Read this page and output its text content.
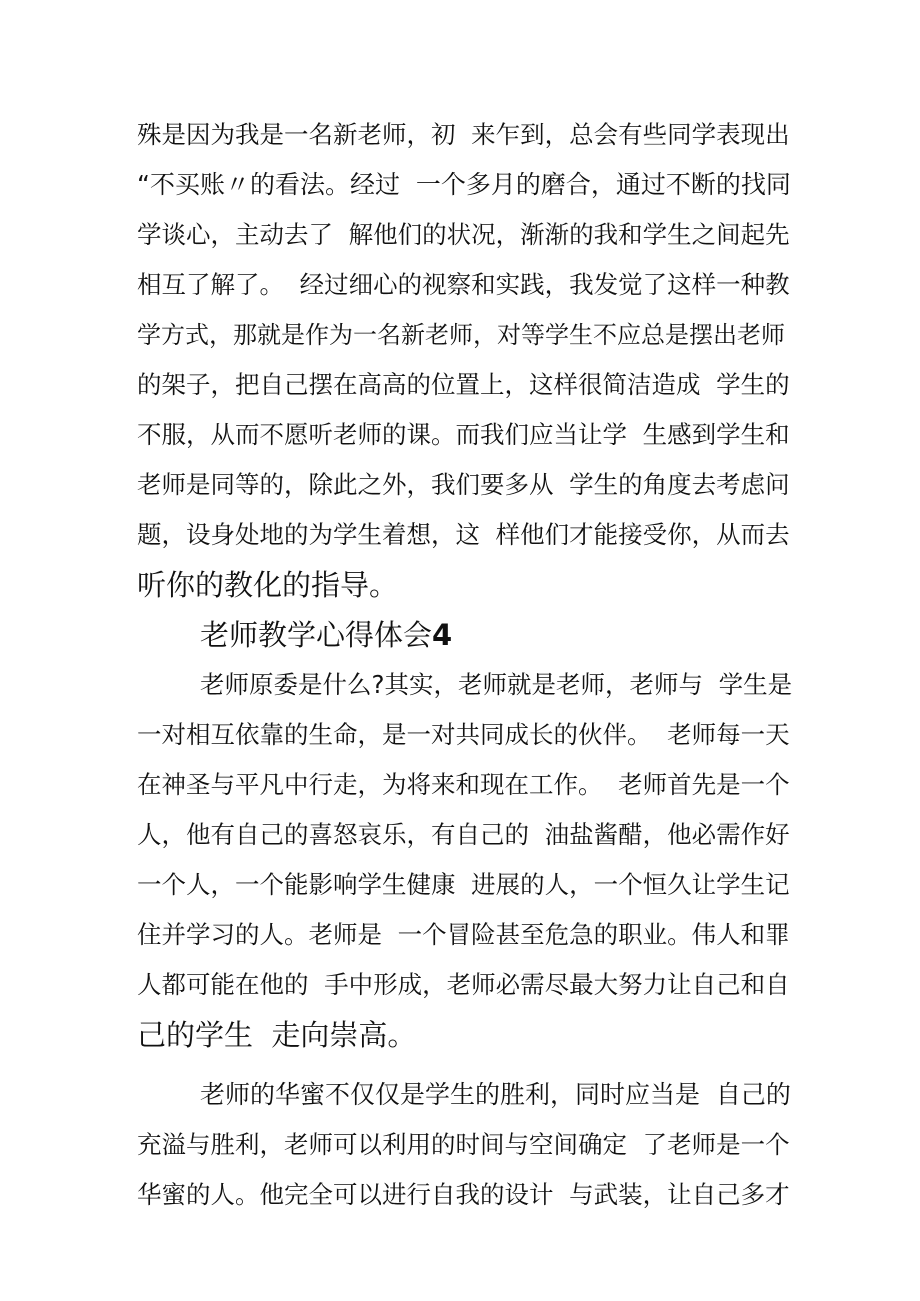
殊是因为我是一名新老师，初  来乍到，总会有些同学表现出
“不买账〃的看法。经过  一个多月的磨合，通过不断的找同
学谈心，主动去了  解他们的状况，渐渐的我和学生之间起先
相互了解了。  经过细心的视察和实践，我发觉了这样一种教
学方式，那就是作为一名新老师，对等学生不应总是摆出老师
的架子，把自己摆在高高的位置上，这样很简洁造成  学生的
不服，从而不愿听老师的课。而我们应当让学  生感到学生和
老师是同等的，除此之外，我们要多从  学生的角度去考虑问
题，设身处地的为学生着想，这  样他们才能接受你，从而去
听你的教化的指导。
老师教学心得体会4
老师原委是什么?其实，老师就是老师，老师与  学生是
一对相互依靠的生命，是一对共同成长的伙伴。  老师每一天
在神圣与平凡中行走，为将来和现在工作。  老师首先是一个
人，他有自己的喜怒哀乐，有自己的  油盐酱醋，他必需作好
一个人，一个能影响学生健康  进展的人，一个恒久让学生记
住并学习的人。老师是  一个冒险甚至危急的职业。伟人和罪
人都可能在他的  手中形成，老师必需尽最大努力让自己和自
己的学生  走向崇高。
老师的华蜜不仅仅是学生的胜利，同时应当是  自己的
充溢与胜利，老师可以利用的时间与空间确定  了老师是一个
华蜜的人。他完全可以进行自我的设计  与武装，让自己多才
